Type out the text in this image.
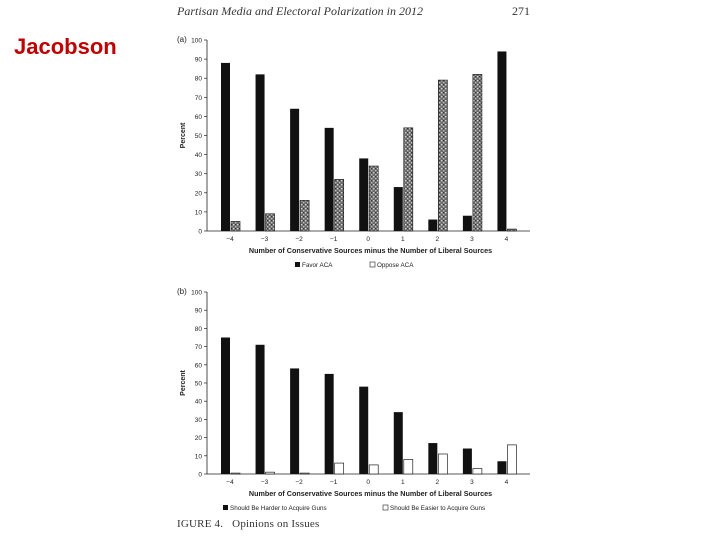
Jacobson
Partisan Media and Electoral Polarization in 2012	271
(a)
0
10
20
30
40
50
60
70
80
90
100
Percent
−4	−3	−2	−1	0	1	2	3	4
Number of Conservative Sources minus the Number of Liberal Sources
Favor ACA	Oppose ACA
(b)
0
10
20
30
40
50
60
70
80
90
100
Percent
−4	−3	−2	−1	0	1	2	3	4
Number of Conservative Sources minus the Number of Liberal Sources
Should Be Harder to Acquire Guns	Should Be Easier to Acquire Guns
IGURE 4. Opinions on Issues
